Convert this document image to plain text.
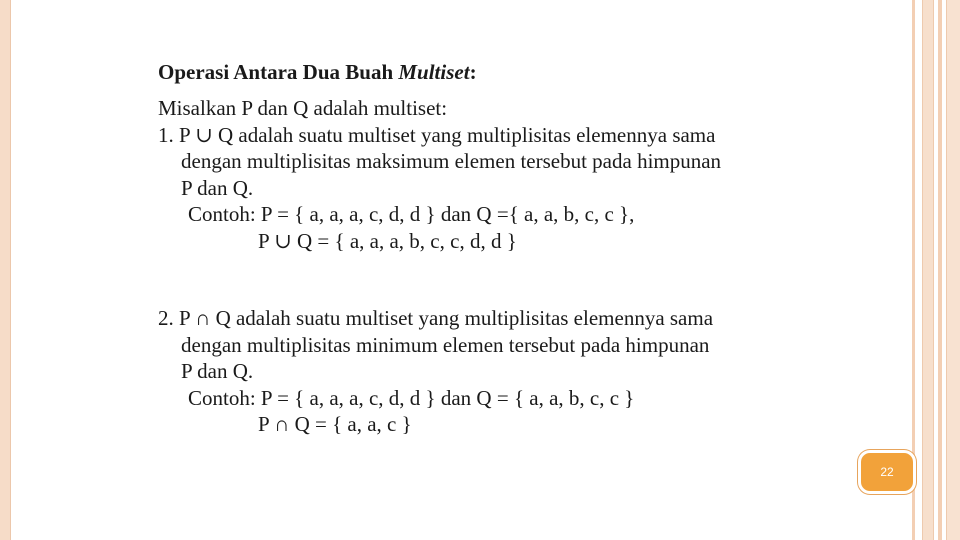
Operasi Antara Dua Buah Multiset:
Misalkan P dan Q adalah multiset:
1. P ∪ Q adalah suatu multiset yang multiplisitas elemennya sama
dengan multiplisitas maksimum elemen tersebut pada himpunan
P dan Q.
Contoh: P = { a, a, a, c, d, d } dan Q ={ a, a, b, c, c },
P ∪ Q = { a, a, a, b, c, c, d, d }
2. P ∩ Q adalah suatu multiset yang multiplisitas elemennya sama
dengan multiplisitas minimum elemen tersebut pada himpunan
P dan Q.
Contoh: P = { a, a, a, c, d, d } dan Q = { a, a, b, c, c }
P ∩ Q = { a, a, c }
22
